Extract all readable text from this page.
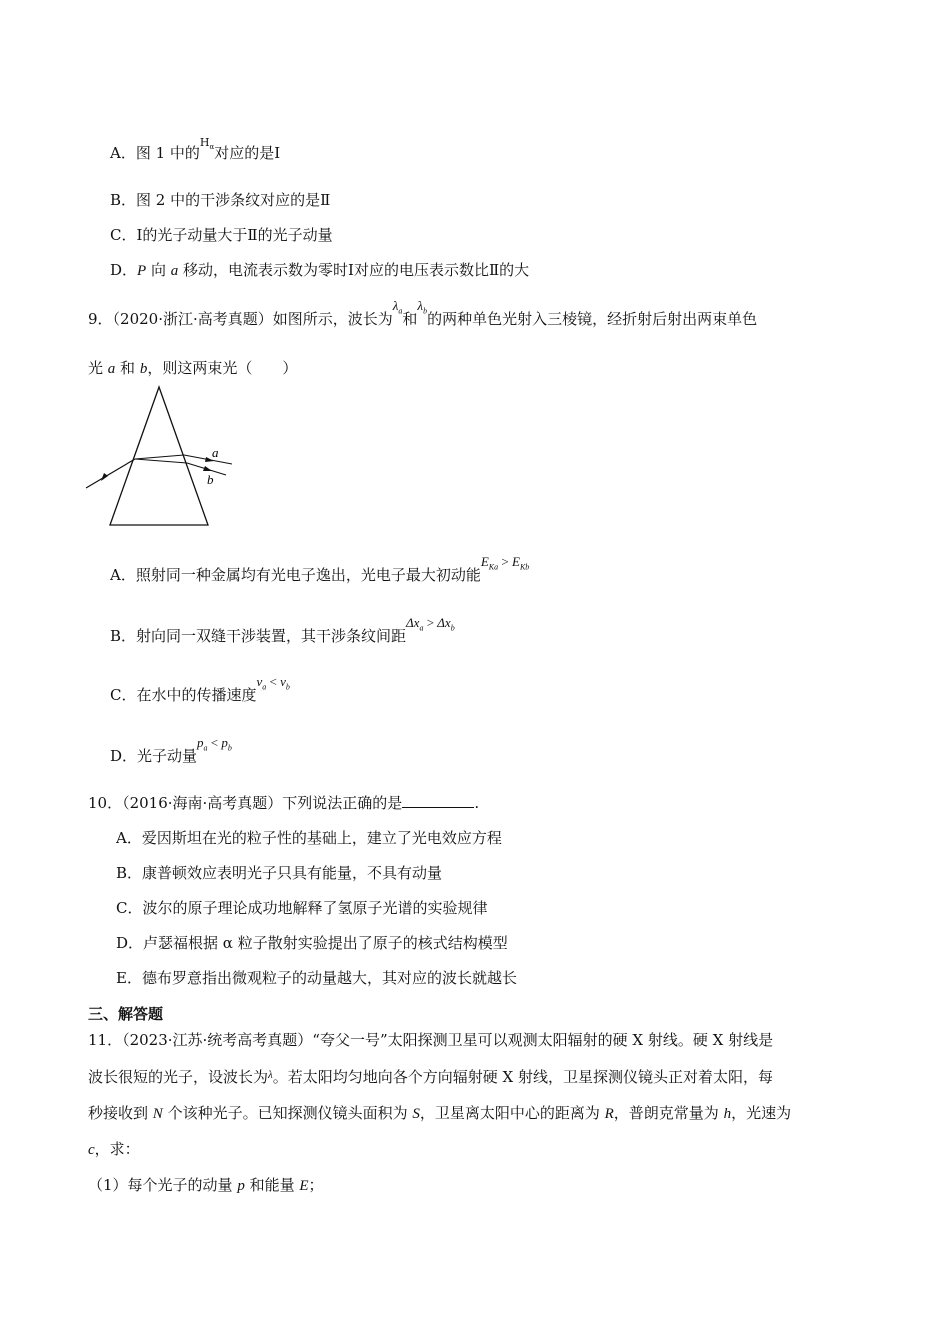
A．图 1 中的$^{H_\alpha}$对应的是Ⅰ
B．图 2 中的干涉条纹对应的是Ⅱ
C．Ⅰ的光子动量大于Ⅱ的光子动量
D．P 向 a 移动，电流表示数为零时Ⅰ对应的电压表示数比Ⅱ的大
9．（2020·浙江·高考真题）如图所示，波长为$\lambda_a$和$\lambda_b$的两种单色光射入三棱镜，经折射后射出两束单色
光 a 和 b，则这两束光（　　）
a
b
A．照射同一种金属均有光电子逸出，光电子最大初动能$E_{Ka} > E_{Kb}$
B．射向同一双缝干涉装置，其干涉条纹间距$\Delta x_a > \Delta x_b$
C．在水中的传播速度$v_a < v_b$
D．光子动量$p_a < p_b$
10．（2016·海南·高考真题）下列说法正确的是	.
A．爱因斯坦在光的粒子性的基础上，建立了光电效应方程
B．康普顿效应表明光子只具有能量，不具有动量
C．波尔的原子理论成功地解释了氢原子光谱的实验规律
D．卢瑟福根据 α 粒子散射实验提出了原子的核式结构模型
E．德布罗意指出微观粒子的动量越大，其对应的波长就越长
三、解答题
11．（2023·江苏·统考高考真题）“夸父一号”太阳探测卫星可以观测太阳辐射的硬 X 射线。硬 X 射线是
波长很短的光子，设波长为$^\lambda$。若太阳均匀地向各个方向辐射硬 X 射线，卫星探测仪镜头正对着太阳，每
秒接收到 N 个该种光子。已知探测仪镜头面积为 S，卫星离太阳中心的距离为 R，普朗克常量为 h，光速为
c，求：
（1）每个光子的动量 p 和能量 E；
